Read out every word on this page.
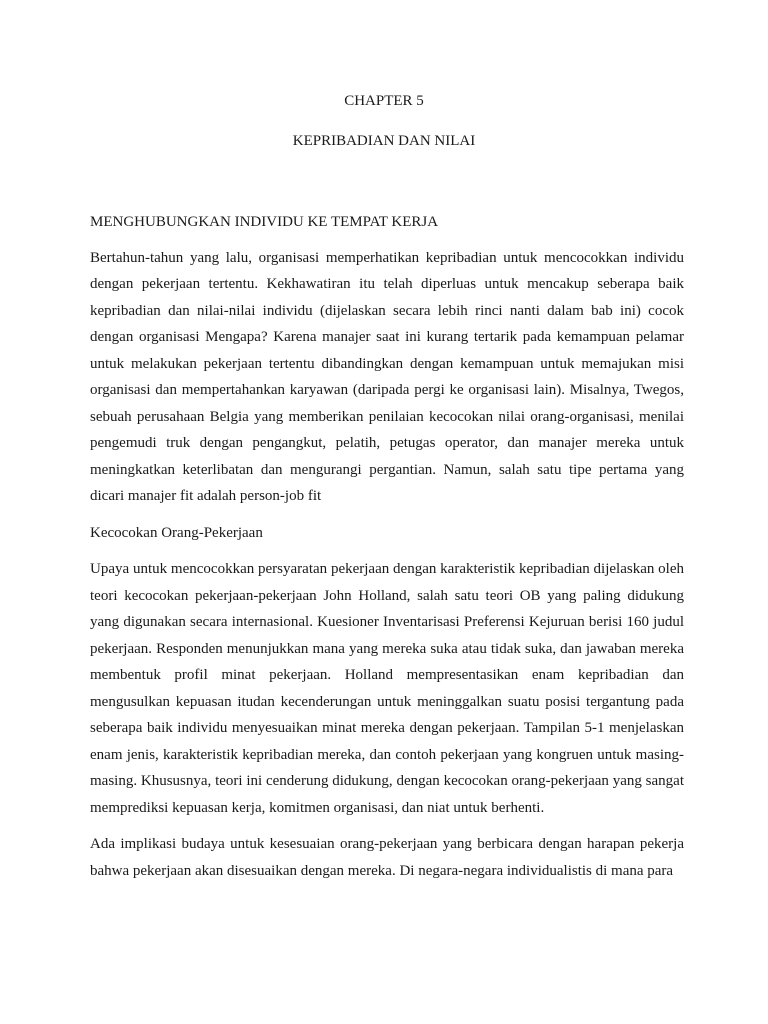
CHAPTER 5
KEPRIBADIAN DAN NILAI
MENGHUBUNGKAN INDIVIDU KE TEMPAT KERJA

Bertahun-tahun yang lalu, organisasi memperhatikan kepribadian untuk mencocokkan individu dengan pekerjaan tertentu. Kekhawatiran itu telah diperluas untuk mencakup seberapa baik kepribadian dan nilai-nilai individu (dijelaskan secara lebih rinci nanti dalam bab ini) cocok dengan organisasi Mengapa? Karena manajer saat ini kurang tertarik pada kemampuan pelamar untuk melakukan pekerjaan tertentu dibandingkan dengan kemampuan untuk memajukan misi organisasi dan mempertahankan karyawan (daripada pergi ke organisasi lain). Misalnya, Twegos, sebuah perusahaan Belgia yang memberikan penilaian kecocokan nilai orang-organisasi, menilai pengemudi truk dengan pengangkut, pelatih, petugas operator, dan manajer mereka untuk meningkatkan keterlibatan dan mengurangi pergantian. Namun, salah satu tipe pertama yang dicari manajer fit adalah person-job fit

Kecocokan Orang-Pekerjaan

Upaya untuk mencocokkan persyaratan pekerjaan dengan karakteristik kepribadian dijelaskan oleh teori kecocokan pekerjaan-pekerjaan John Holland, salah satu teori OB yang paling didukung yang digunakan secara internasional. Kuesioner Inventarisasi Preferensi Kejuruan berisi 160 judul pekerjaan. Responden menunjukkan mana yang mereka suka atau tidak suka, dan jawaban mereka membentuk profil minat pekerjaan. Holland mempresentasikan enam kepribadian dan mengusulkan kepuasan itudan kecenderungan untuk meninggalkan suatu posisi tergantung pada seberapa baik individu menyesuaikan minat mereka dengan pekerjaan. Tampilan 5-1 menjelaskan enam jenis, karakteristik kepribadian mereka, dan contoh pekerjaan yang kongruen untuk masing-masing. Khususnya, teori ini cenderung didukung, dengan kecocokan orang-pekerjaan yang sangat memprediksi kepuasan kerja, komitmen organisasi, dan niat untuk berhenti.

Ada implikasi budaya untuk kesesuaian orang-pekerjaan yang berbicara dengan harapan pekerja bahwa pekerjaan akan disesuaikan dengan mereka. Di negara-negara individualistis di mana para
